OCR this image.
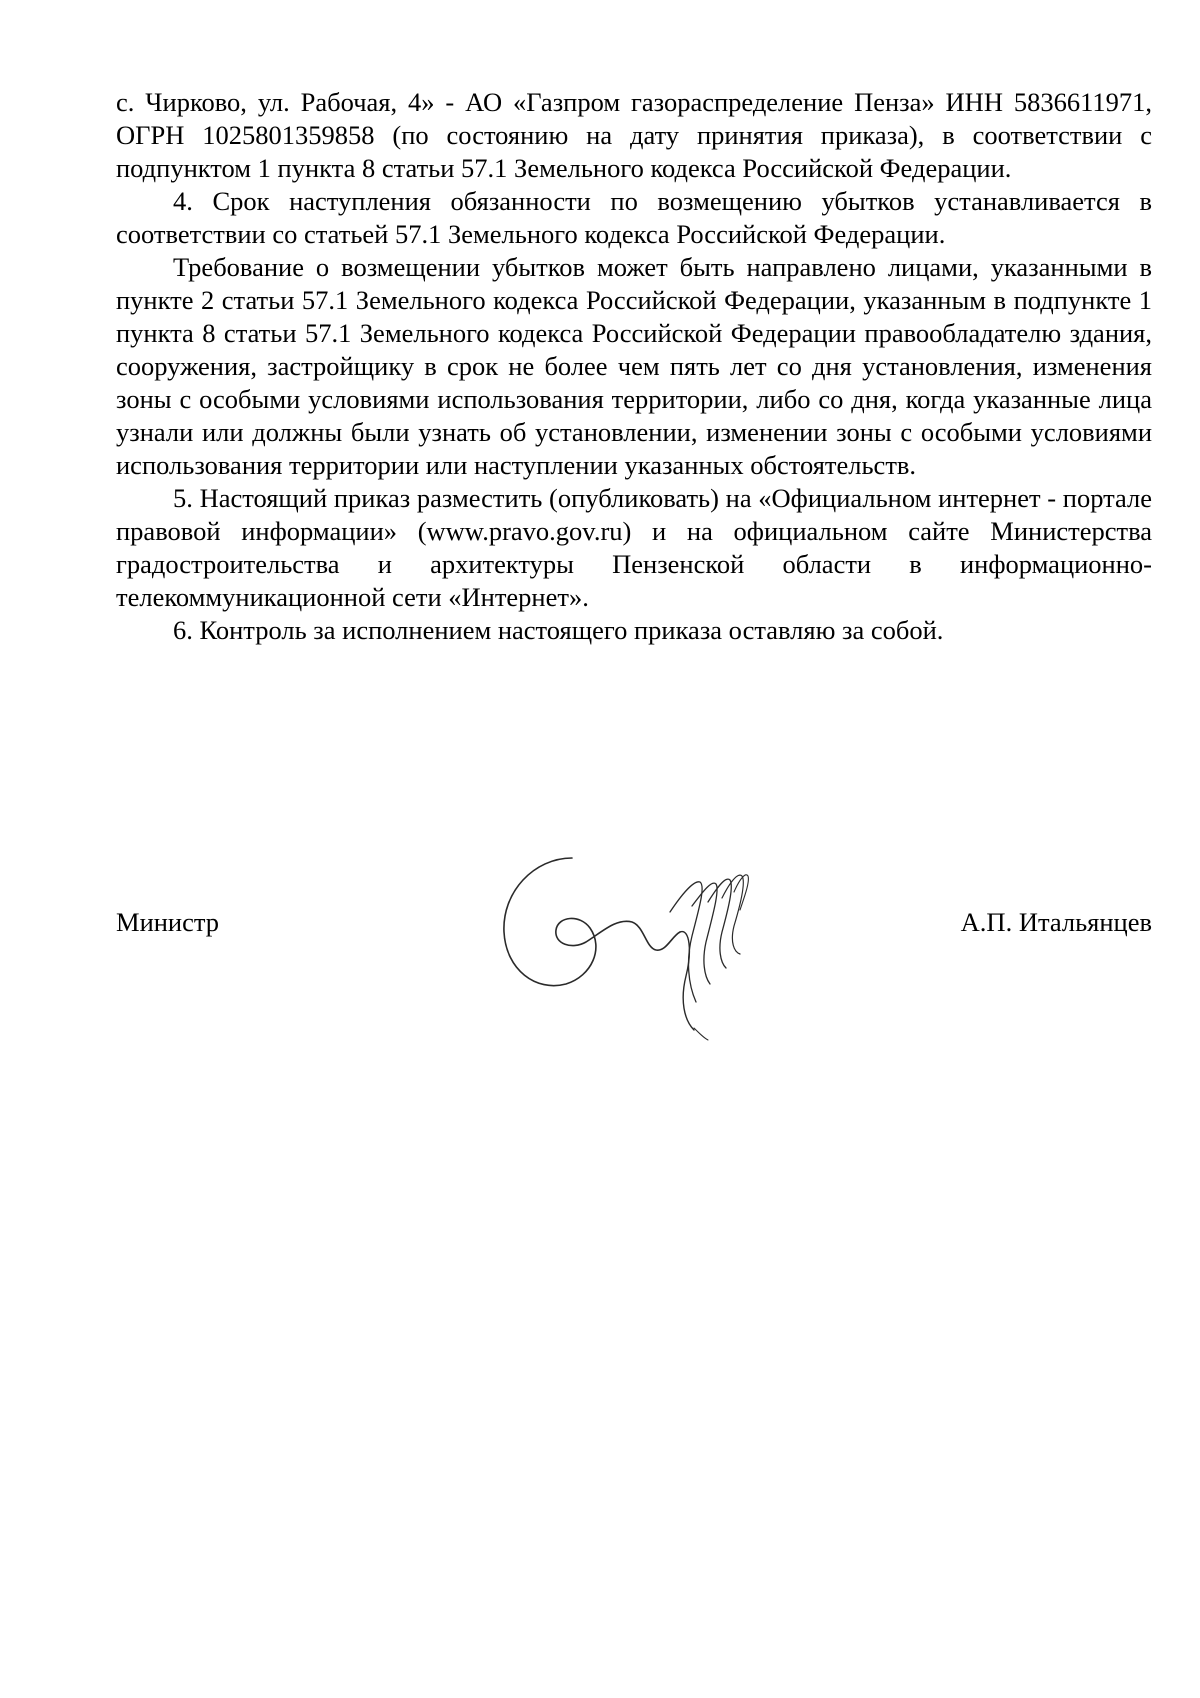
с. Чирково, ул. Рабочая, 4» - АО «Газпром газораспределение Пенза» ИНН 5836611971, ОГРН 1025801359858 (по состоянию на дату принятия приказа), в соответствии с подпунктом 1 пункта 8 статьи 57.1 Земельного кодекса Российской Федерации.

4. Срок наступления обязанности по возмещению убытков устанавливается в соответствии со статьей 57.1 Земельного кодекса Российской Федерации.

Требование о возмещении убытков может быть направлено лицами, указанными в пункте 2 статьи 57.1 Земельного кодекса Российской Федерации, указанным в подпункте 1 пункта 8 статьи 57.1 Земельного кодекса Российской Федерации правообладателю здания, сооружения, застройщику в срок не более чем пять лет со дня установления, изменения зоны с особыми условиями использования территории, либо со дня, когда указанные лица узнали или должны были узнать об установлении, изменении зоны с особыми условиями использования территории или наступлении указанных обстоятельств.

5. Настоящий приказ разместить (опубликовать) на «Официальном интернет - портале правовой информации» (www.pravo.gov.ru) и на официальном сайте Министерства градостроительства и архитектуры Пензенской области в информационно-телекоммуникационной сети «Интернет».

6. Контроль за исполнением настоящего приказа оставляю за собой.

Министр	А.П. Итальянцев
